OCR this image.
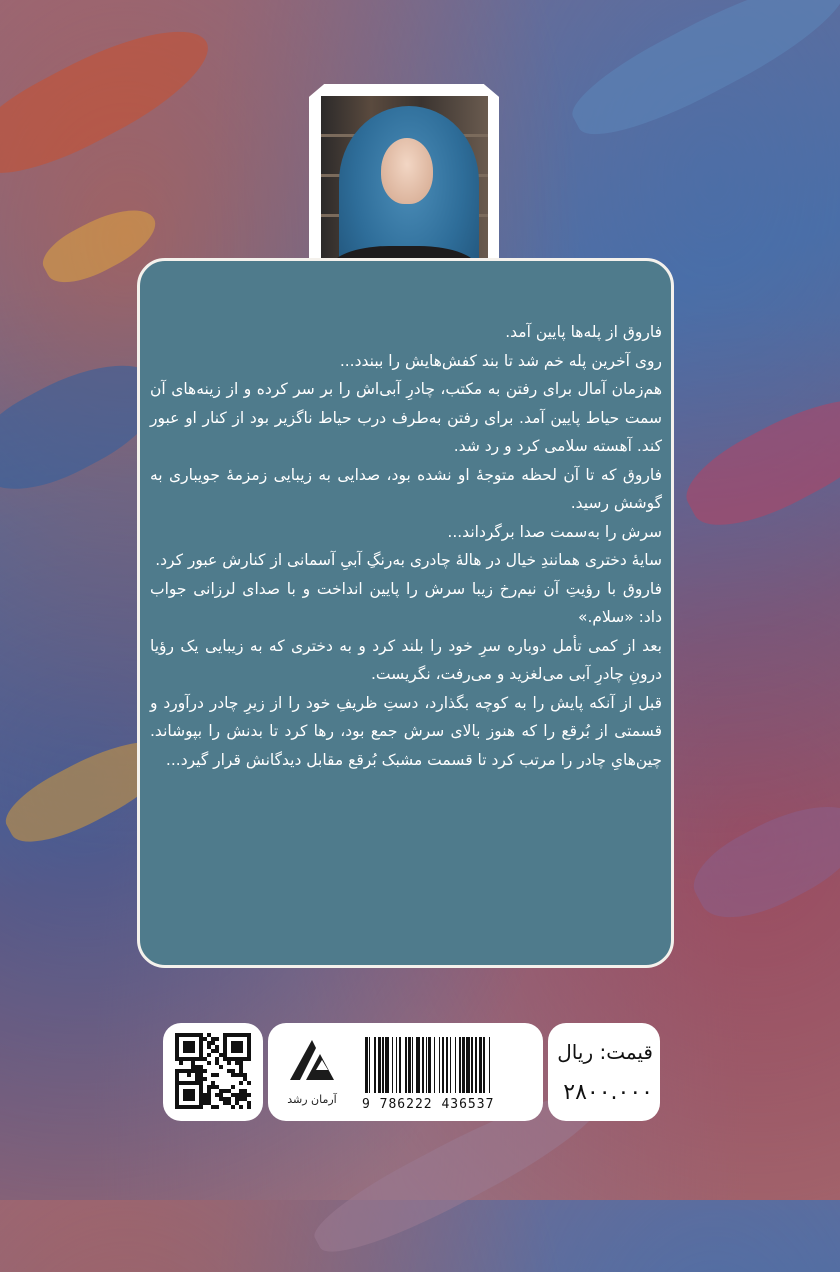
فاروق از پله‌ها پایین آمد.

روی آخرین پله خم شد تا بند کفش‌هایش را ببندد...

هم‌زمان آمال برای رفتن به مکتب، چادرِ آبی‌اش را بر سر کرده و از زینه‌های آن سمت حیاط پایین آمد. برای رفتن به‌طرف درب حیاط ناگزیر بود از کنار او عبور کند. آهسته سلامی کرد و رد شد.

فاروق که تا آن لحظه متوجهٔ او نشده بود، صدایی به زیبایی زمزمهٔ جویباری به گوشش رسید.

سرش را به‌سمت صدا برگرداند...

سایهٔ دختری همانندِ خیال در هالهٔ چادری به‌رنگِ آبیِ آسمانی از کنارش عبور کرد.

فاروق با رؤیتِ آن نیم‌رخ زیبا سرش را پایین انداخت و با صدای لرزانی جواب داد: «سلام.»

بعد از کمی تأمل دوباره سرِ خود را بلند کرد و به دختری که به زیبایی یک رؤیا درونِ چادرِ آبی می‌لغزید و می‌رفت، نگریست.

قبل از آنکه پایش را به کوچه بگذارد، دستِ ظریفِ خود را از زیرِ چادر درآورد و قسمتی از بُرقع را که هنوز بالای سرش جمع بود، رها کرد تا بدنش را بپوشاند. چین‌هایِ چادر را مرتب کرد تا قسمت مشبک بُرقع مقابل دیدگانش قرار گیرد...

آرمان رشد	9 786222 436537
قیمت: ریال
۲۸۰۰.۰۰۰
